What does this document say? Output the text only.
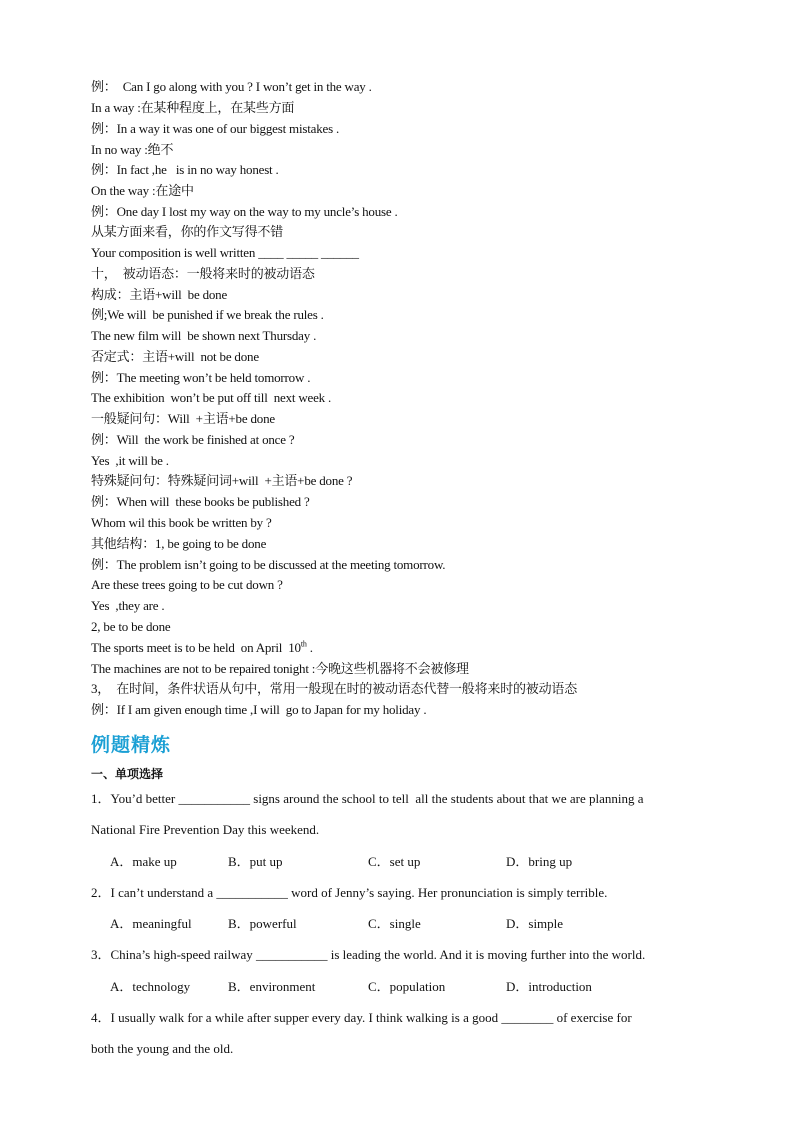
例：  Can I go along with you ? I won’t get in the way .
In a way :在某种程度上，在某些方面
例：In a way it was one of our biggest mistakes .
In no way :绝不
例：In fact ,he   is in no way honest .
On the way :在途中
例：One day I lost my way on the way to my uncle’s house .
从某方面来看，你的作文写得不错
Your composition is well written ____ _____ ______
十，  被动语态：一般将来时的被动语态
构成：主语+will  be done
例;We will  be punished if we break the rules .
The new film will  be shown next Thursday .
否定式：主语+will  not be done
例：The meeting won’t be held tomorrow .
The exhibition  won’t be put off till  next week .
一般疑问句：Will  +主语+be done
例：Will  the work be finished at once ?
Yes  ,it will be .
特殊疑问句：特殊疑问词+will  +主语+be done ?
例：When will  these books be published ?
Whom wil this book be written by ?
其他结构：1, be going to be done
例：The problem isn’t going to be discussed at the meeting tomorrow.
Are these trees going to be cut down ?
Yes  ,they are .
2, be to be done
The sports meet is to be held  on April  10th .
The machines are not to be repaired tonight :今晚这些机器将不会被修理
3，  在时间，条件状语从句中，常用一般现在时的被动语态代替一般将来时的被动语态
例：If I am given enough time ,I will  go to Japan for my holiday .
例题精炼
一、单项选择
1．You’d better ___________ signs around the school to tell  all the students about that we are planning a
National Fire Prevention Day this weekend.
A．make up	B．put up	C．set up	D．bring up
2．I can’t understand a ___________ word of Jenny’s saying. Her pronunciation is simply terrible.
A．meaningful	B．powerful	C．single	D．simple
3．China’s high-speed railway ___________ is leading the world. And it is moving further into the world.
A．technology	B．environment	C．population	D．introduction
4．I usually walk for a while after supper every day. I think walking is a good ________ of exercise for
both the young and the old.
